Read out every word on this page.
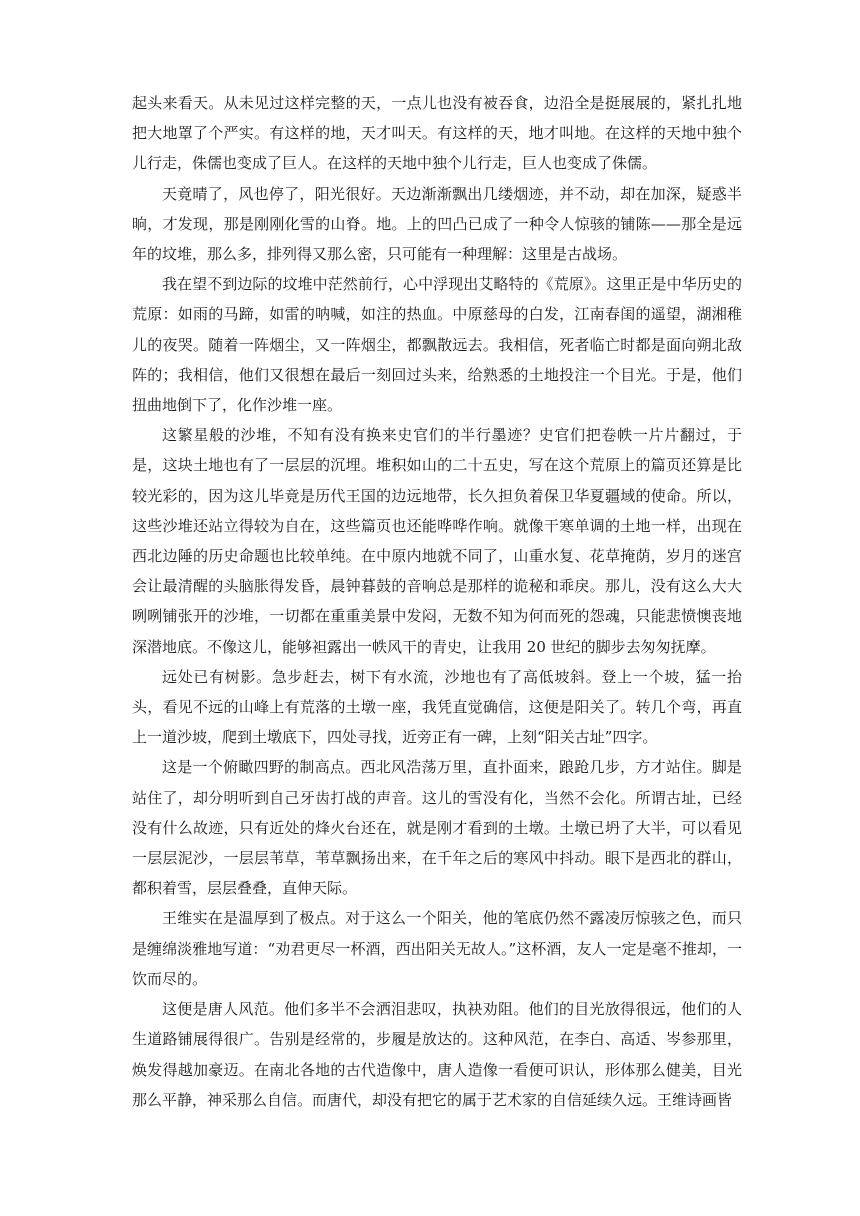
起头来看天。从未见过这样完整的天，一点儿也没有被吞食，边沿全是挺展展的，紧扎扎地把大地罩了个严实。有这样的地，天才叫天。有这样的天，地才叫地。在这样的天地中独个儿行走，侏儒也变成了巨人。在这样的天地中独个儿行走，巨人也变成了侏儒。

天竟晴了，风也停了，阳光很好。天边渐渐飘出几缕烟迹，并不动，却在加深，疑惑半晌，才发现，那是刚刚化雪的山脊。地。上的凹凸已成了一种令人惊骇的铺陈——那全是远年的坟堆，那么多，排列得又那么密，只可能有一种理解：这里是古战场。

我在望不到边际的坟堆中茫然前行，心中浮现出艾略特的《荒原》。这里正是中华历史的荒原：如雨的马蹄，如雷的呐喊，如注的热血。中原慈母的白发，江南春闺的遥望，湖湘稚儿的夜哭。随着一阵烟尘，又一阵烟尘，都飘散远去。我相信，死者临亡时都是面向朔北敌阵的；我相信，他们又很想在最后一刻回过头来，给熟悉的土地投注一个目光。于是，他们扭曲地倒下了，化作沙堆一座。

这繁星般的沙堆，不知有没有换来史官们的半行墨迹？史官们把卷帙一片片翻过，于是，这块土地也有了一层层的沉埋。堆积如山的二十五史，写在这个荒原上的篇页还算是比较光彩的，因为这儿毕竟是历代王国的边远地带，长久担负着保卫华夏疆域的使命。所以，这些沙堆还站立得较为自在，这些篇页也还能哗哗作响。就像干寒单调的土地一样，出现在西北边陲的历史命题也比较单纯。在中原内地就不同了，山重水复、花草掩荫，岁月的迷宫会让最清醒的头脑胀得发昏，晨钟暮鼓的音响总是那样的诡秘和乖戾。那儿，没有这么大大咧咧铺张开的沙堆，一切都在重重美景中发闷，无数不知为何而死的怨魂，只能悲愤懊丧地深潜地底。不像这儿，能够袒露出一帙风干的青史，让我用 20 世纪的脚步去匆匆抚摩。

远处已有树影。急步赶去，树下有水流，沙地也有了高低坡斜。登上一个坡，猛一抬头，看见不远的山峰上有荒落的土墩一座，我凭直觉确信，这便是阳关了。转几个弯，再直上一道沙坡，爬到土墩底下，四处寻找，近旁正有一碑，上刻“阳关古址”四字。

这是一个俯瞰四野的制高点。西北风浩荡万里，直扑面来，踉跄几步，方才站住。脚是站住了，却分明听到自己牙齿打战的声音。这儿的雪没有化，当然不会化。所谓古址，已经没有什么故迹，只有近处的烽火台还在，就是刚才看到的土墩。土墩已坍了大半，可以看见一层层泥沙，一层层苇草，苇草飘扬出来，在千年之后的寒风中抖动。眼下是西北的群山，都积着雪，层层叠叠，直伸天际。

王维实在是温厚到了极点。对于这么一个阳关，他的笔底仍然不露凌厉惊骇之色，而只是缠绵淡雅地写道：“劝君更尽一杯酒，西出阳关无故人。”这杯酒，友人一定是毫不推却，一饮而尽的。

这便是唐人风范。他们多半不会洒泪悲叹，执袂劝阻。他们的目光放得很远，他们的人生道路铺展得很广。告别是经常的，步履是放达的。这种风范，在李白、高适、岑参那里，焕发得越加豪迈。在南北各地的古代造像中，唐人造像一看便可识认，形体那么健美，目光那么平静，神采那么自信。而唐代，却没有把它的属于艺术家的自信延续久远。王维诗画皆
